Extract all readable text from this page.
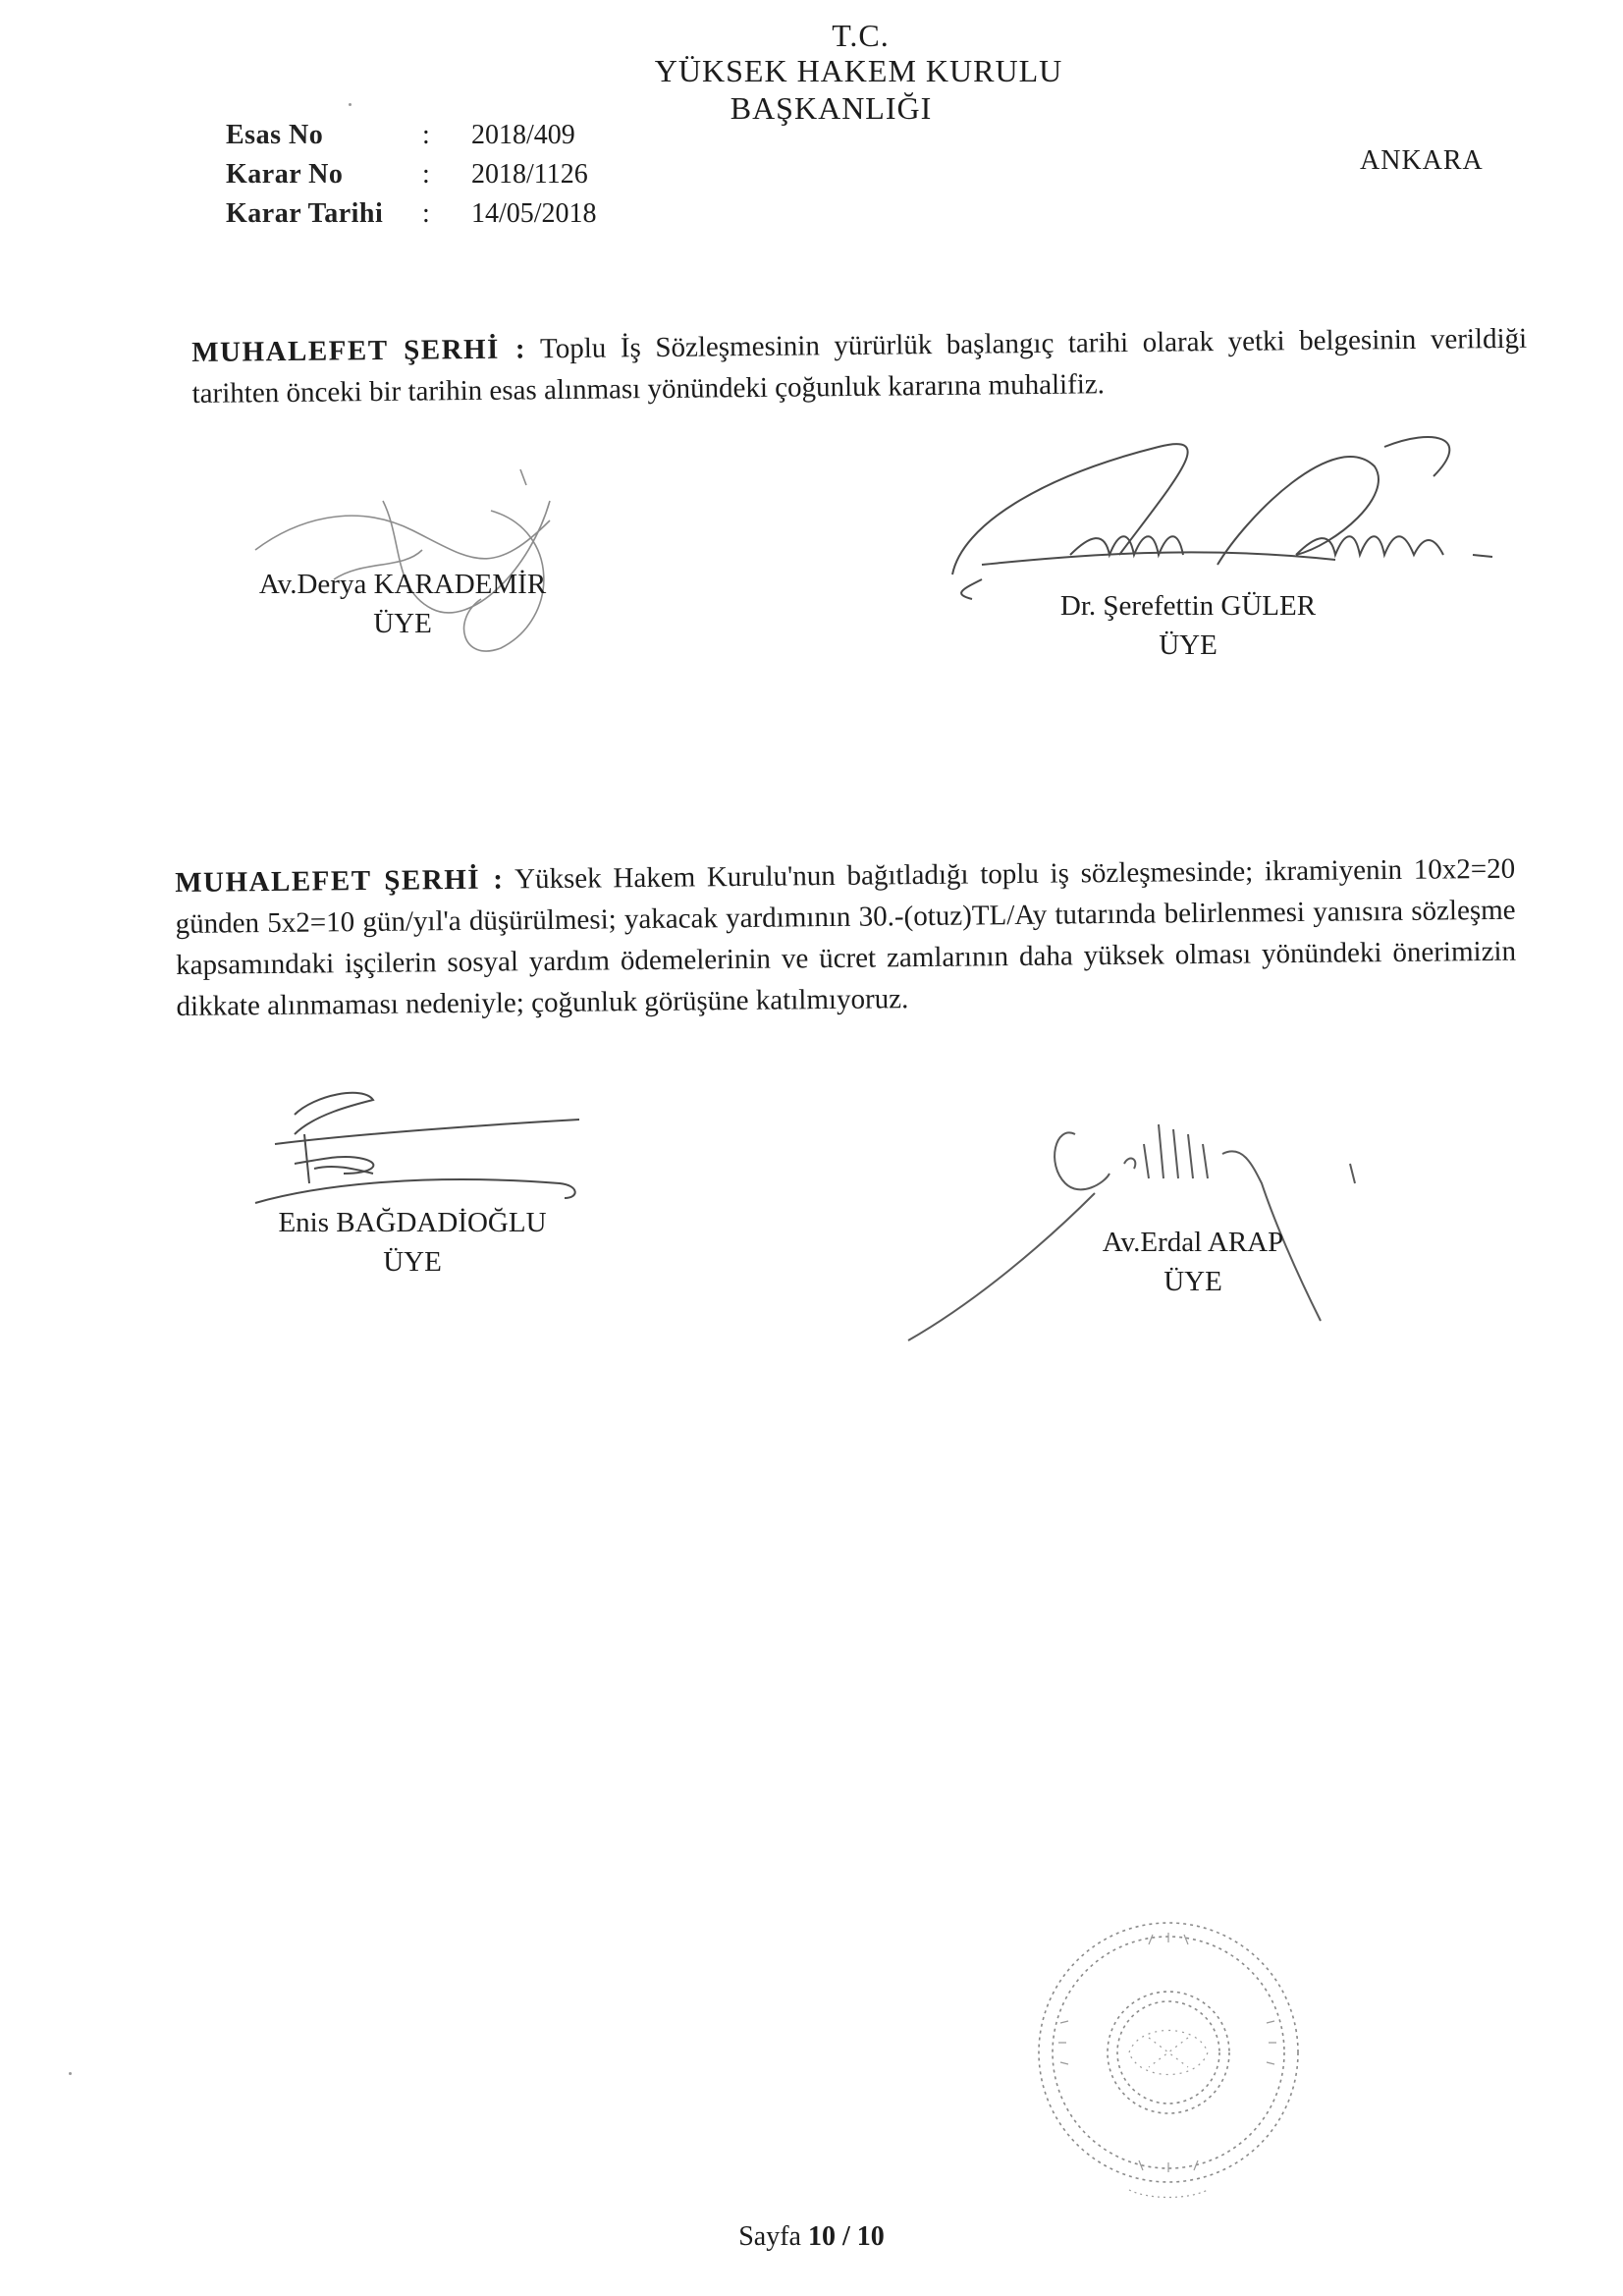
T.C.
YÜKSEK HAKEM KURULU
BAŞKANLIĞI
Esas No	:	2018/409
Karar No	:	2018/1126
Karar Tarihi	:	14/05/2018
ANKARA
MUHALEFET ŞERHİ : Toplu İş Sözleşmesinin yürürlük başlangıç tarihi olarak yetki belgesinin verildiği tarihten önceki bir tarihin esas alınması yönündeki çoğunluk kararına muhalifiz.
Av.Derya KARADEMİR
ÜYE
Dr. Şerefettin GÜLER
ÜYE
MUHALEFET ŞERHİ : Yüksek Hakem Kurulu'nun bağıtladığı toplu iş sözleşmesinde; ikramiyenin 10x2=20 günden 5x2=10 gün/yıl'a düşürülmesi; yakacak yardımının 30.-(otuz)TL/Ay tutarında belirlenmesi yanısıra sözleşme kapsamındaki işçilerin sosyal yardım ödemelerinin ve ücret zamlarının daha yüksek olması yönündeki önerimizin dikkate alınmaması nedeniyle; çoğunluk görüşüne katılmıyoruz.
Enis BAĞDADİOĞLU
ÜYE
Av.Erdal ARAP
ÜYE
Sayfa 10 / 10
